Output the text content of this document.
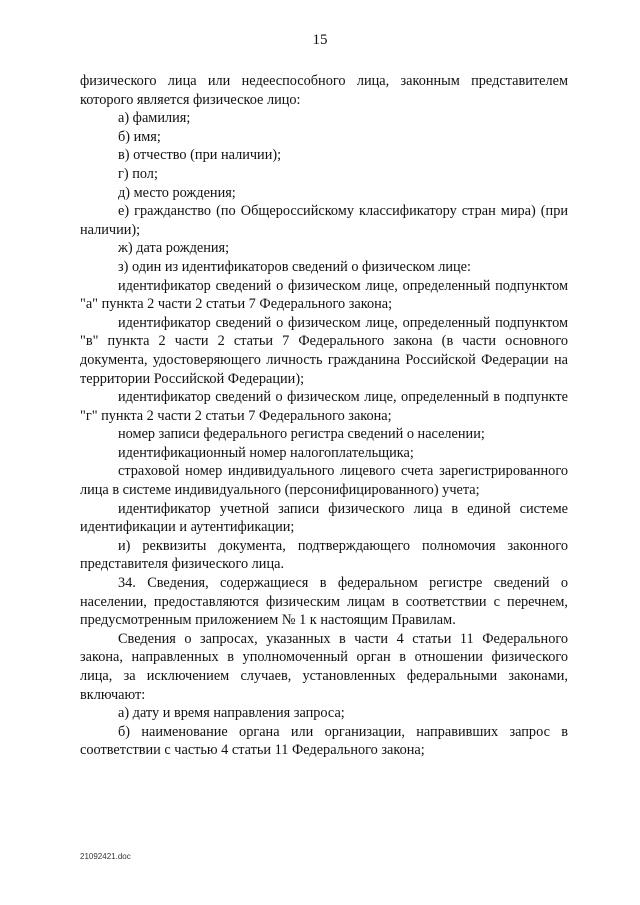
15

физического лица или недееспособного лица, законным представителем которого является физическое лицо:

а) фамилия;

б) имя;

в) отчество (при наличии);

г) пол;

д) место рождения;

е) гражданство (по Общероссийскому классификатору стран мира) (при наличии);

ж) дата рождения;

з) один из идентификаторов сведений о физическом лице:

идентификатор сведений о физическом лице, определенный подпунктом "а" пункта 2 части 2 статьи 7 Федерального закона;

идентификатор сведений о физическом лице, определенный подпунктом "в" пункта 2 части 2 статьи 7 Федерального закона (в части основного документа, удостоверяющего личность гражданина Российской Федерации на территории Российской Федерации);

идентификатор сведений о физическом лице, определенный в подпункте "г" пункта 2 части 2 статьи 7 Федерального закона;

номер записи федерального регистра сведений о населении;

идентификационный номер налогоплательщика;

страховой номер индивидуального лицевого счета зарегистрированного лица в системе индивидуального (персонифицированного) учета;

идентификатор учетной записи физического лица в единой системе идентификации и аутентификации;

и) реквизиты документа, подтверждающего полномочия законного представителя физического лица.

34. Сведения, содержащиеся в федеральном регистре сведений о населении, предоставляются физическим лицам в соответствии с перечнем, предусмотренным приложением № 1 к настоящим Правилам.

Сведения о запросах, указанных в части 4 статьи 11 Федерального закона, направленных в уполномоченный орган в отношении физического лица, за исключением случаев, установленных федеральными законами, включают:

а) дату и время направления запроса;

б) наименование органа или организации, направивших запрос в соответствии с частью 4 статьи 11 Федерального закона;

21092421.doc
